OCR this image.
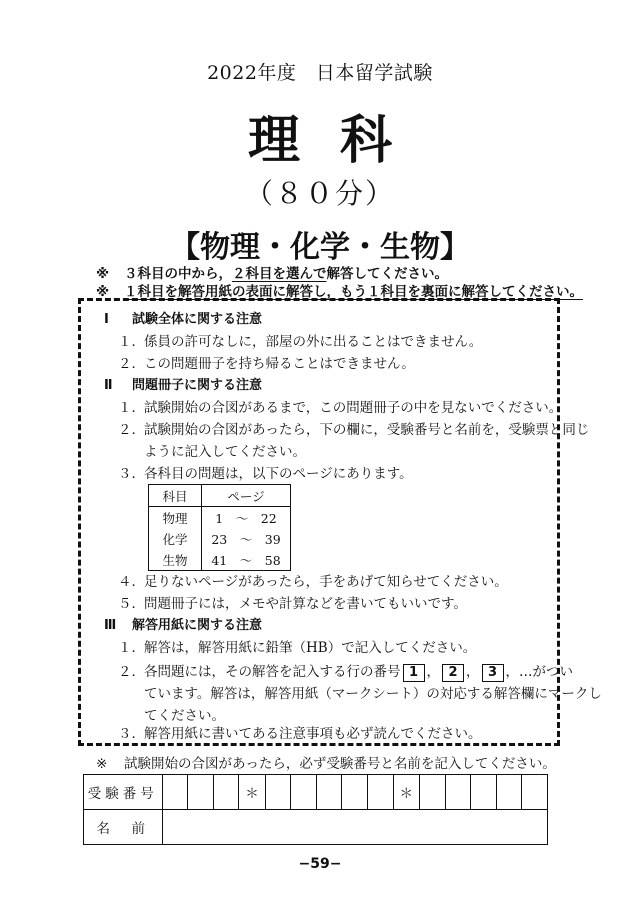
2022年度　日本留学試験
理科
（８０分）
【物理・化学・生物】
※ ３科目の中から，２科目を選んで解答してください。
※ １科目を解答用紙の表面に解答し，もう１科目を裏面に解答してください。
Ⅰ 試験全体に関する注意
１．係員の許可なしに，部屋の外に出ることはできません。
２．この問題冊子を持ち帰ることはできません。
Ⅱ 問題冊子に関する注意
１．試験開始の合図があるまで，この問題冊子の中を見ないでください。
２．試験開始の合図があったら，下の欄に，受験番号と名前を，受験票と同じ
ように記入してください。
３．各科目の問題は，以下のページにあります。
科目	ページ
物理	1　 ～　 22
化学	23　 ～　 39
生物	41　 ～　 58
４．足りないページがあったら，手をあげて知らせてください。
５．問題冊子には，メモや計算などを書いてもいいです。
Ⅲ 解答用紙に関する注意
１．解答は，解答用紙に鉛筆（HB）で記入してください。
２．各問題には，その解答を記入する行の番号 1 ， 2 ， 3 ，…がつい
ています。解答は，解答用紙（マークシート）の対応する解答欄にマークし
てください。
３．解答用紙に書いてある注意事項も必ず読んでください。
※ 試験開始の合図があったら，必ず受験番号と名前を記入してください。
受験番号				＊						＊					
名　前															
−59−
